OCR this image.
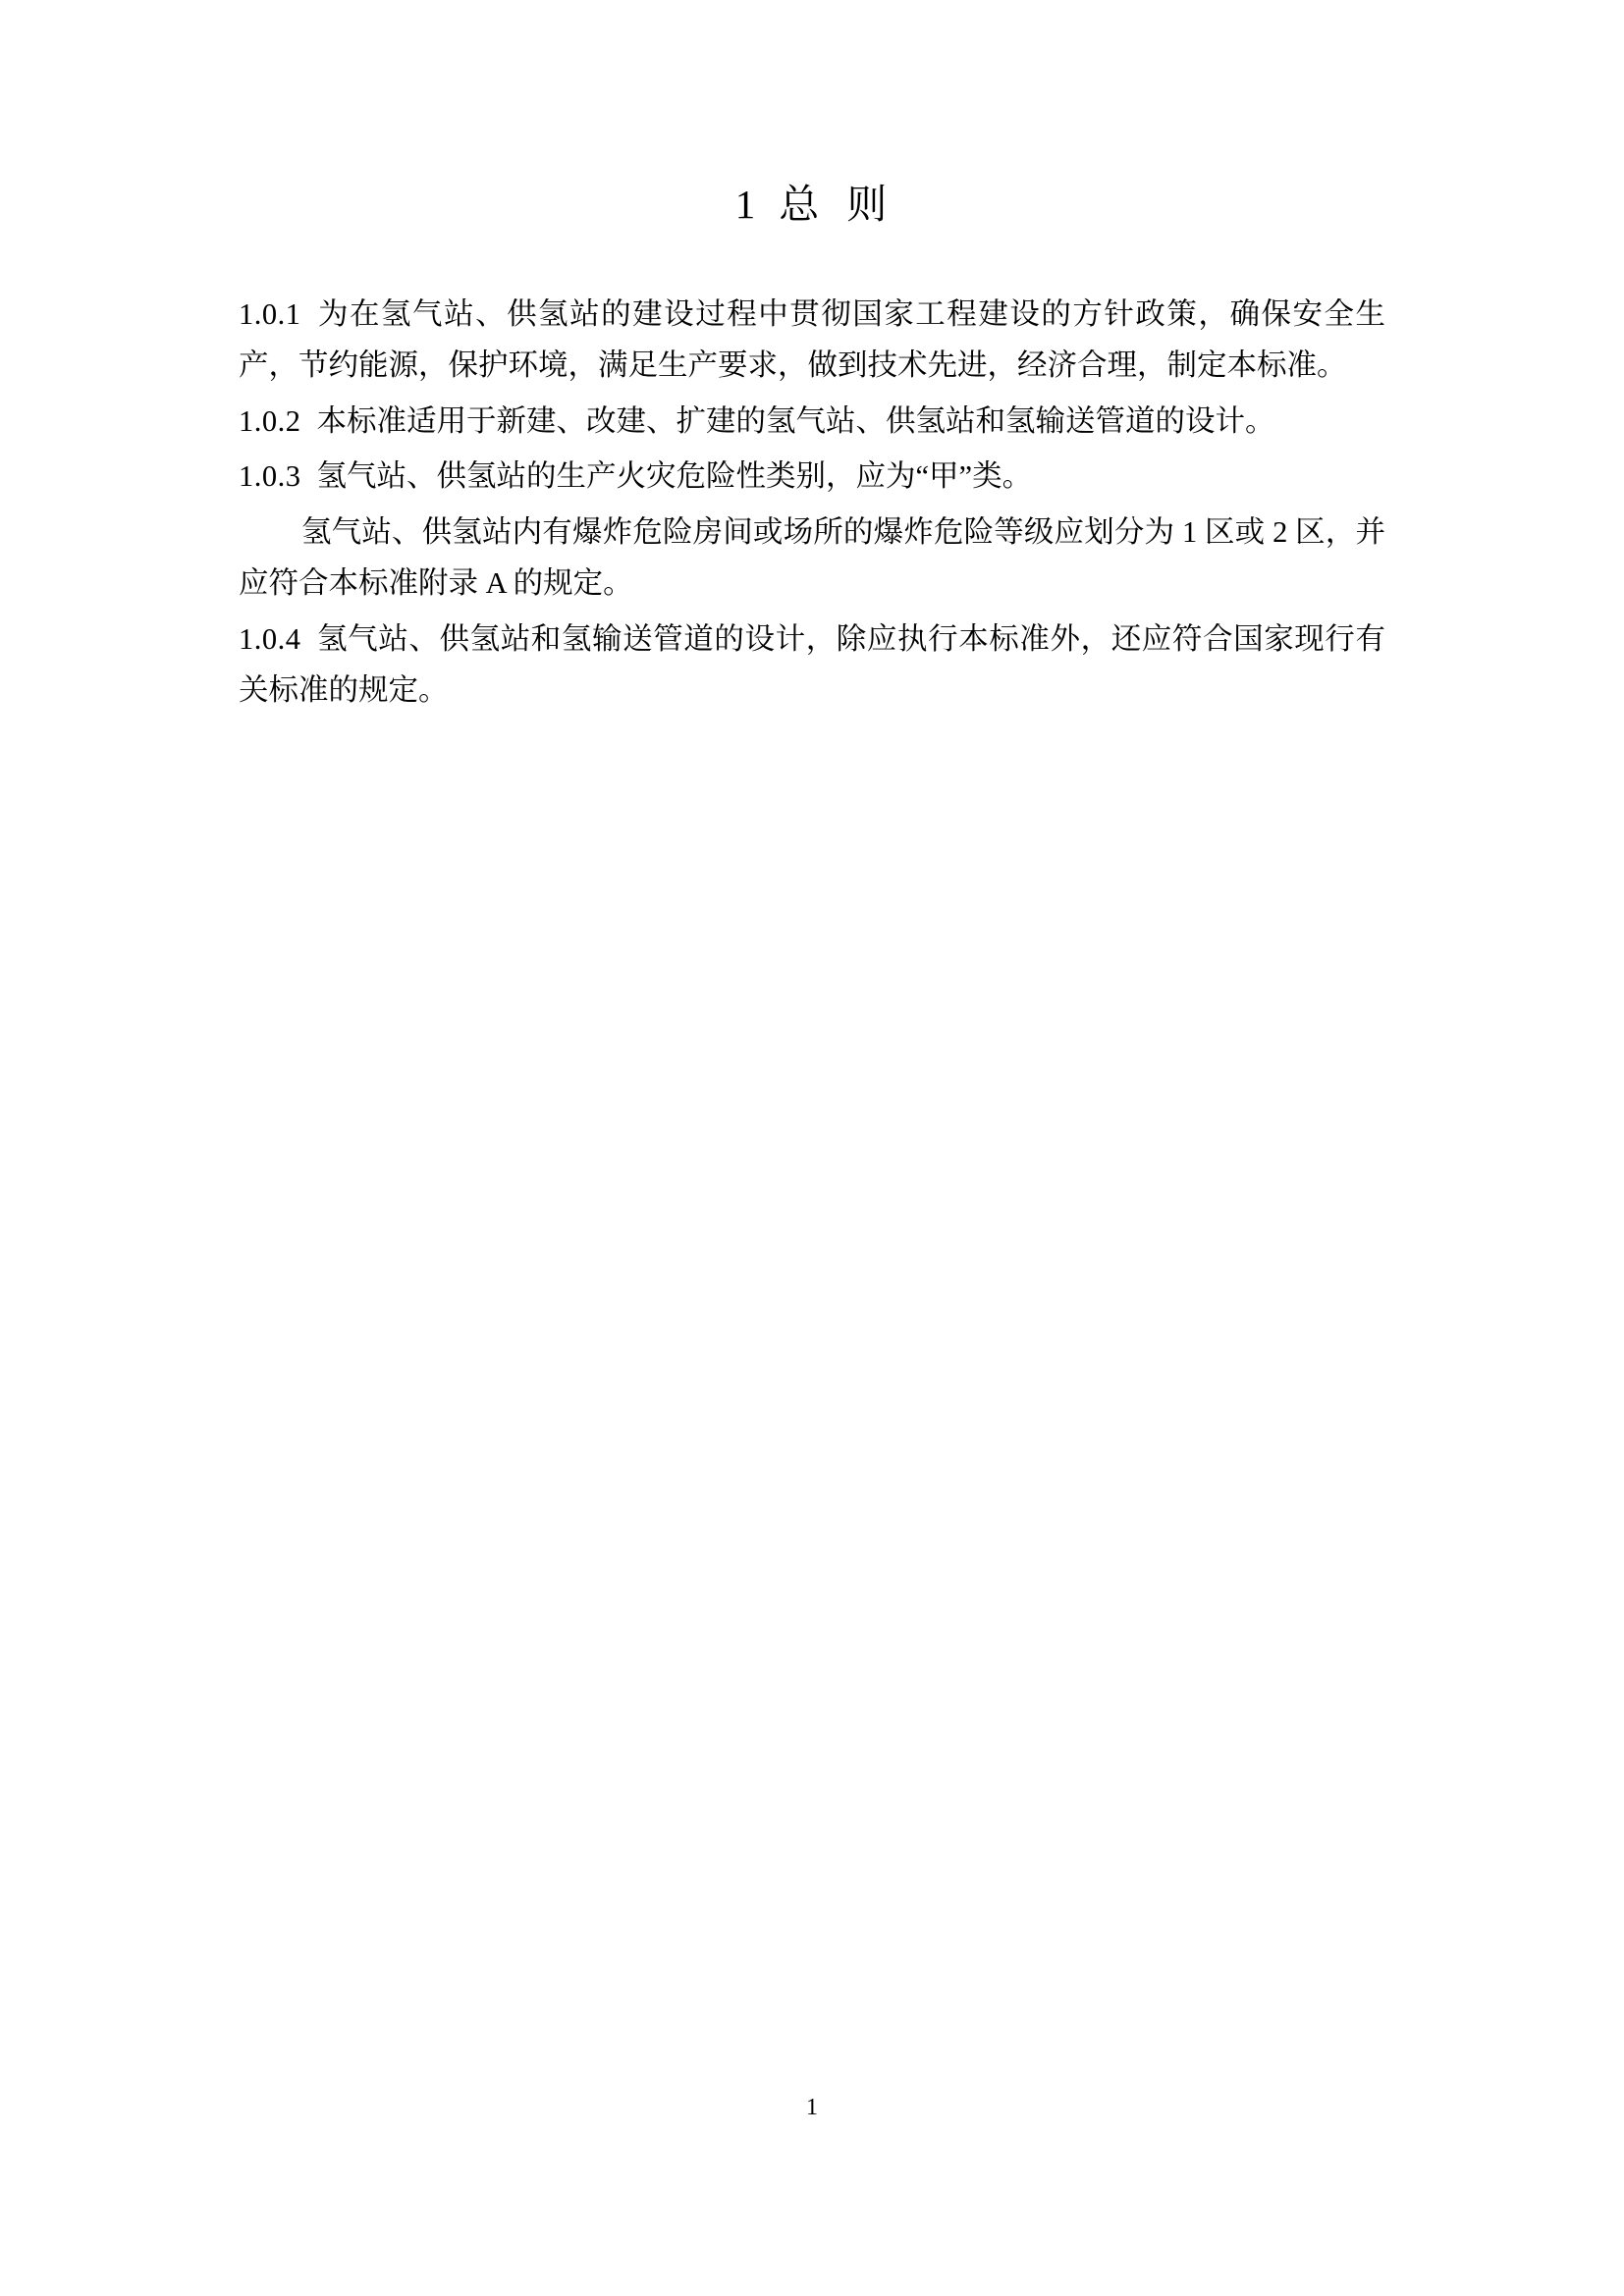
1 总 则

1.0.1 为在氢气站、供氢站的建设过程中贯彻国家工程建设的方针政策，确保安全生产，节约能源，保护环境，满足生产要求，做到技术先进，经济合理，制定本标准。

1.0.2 本标准适用于新建、改建、扩建的氢气站、供氢站和氢输送管道的设计。

1.0.3 氢气站、供氢站的生产火灾危险性类别，应为“甲”类。

氢气站、供氢站内有爆炸危险房间或场所的爆炸危险等级应划分为 1 区或 2 区，并应符合本标准附录 A 的规定。

1.0.4 氢气站、供氢站和氢输送管道的设计，除应执行本标准外，还应符合国家现行有关标准的规定。

1
